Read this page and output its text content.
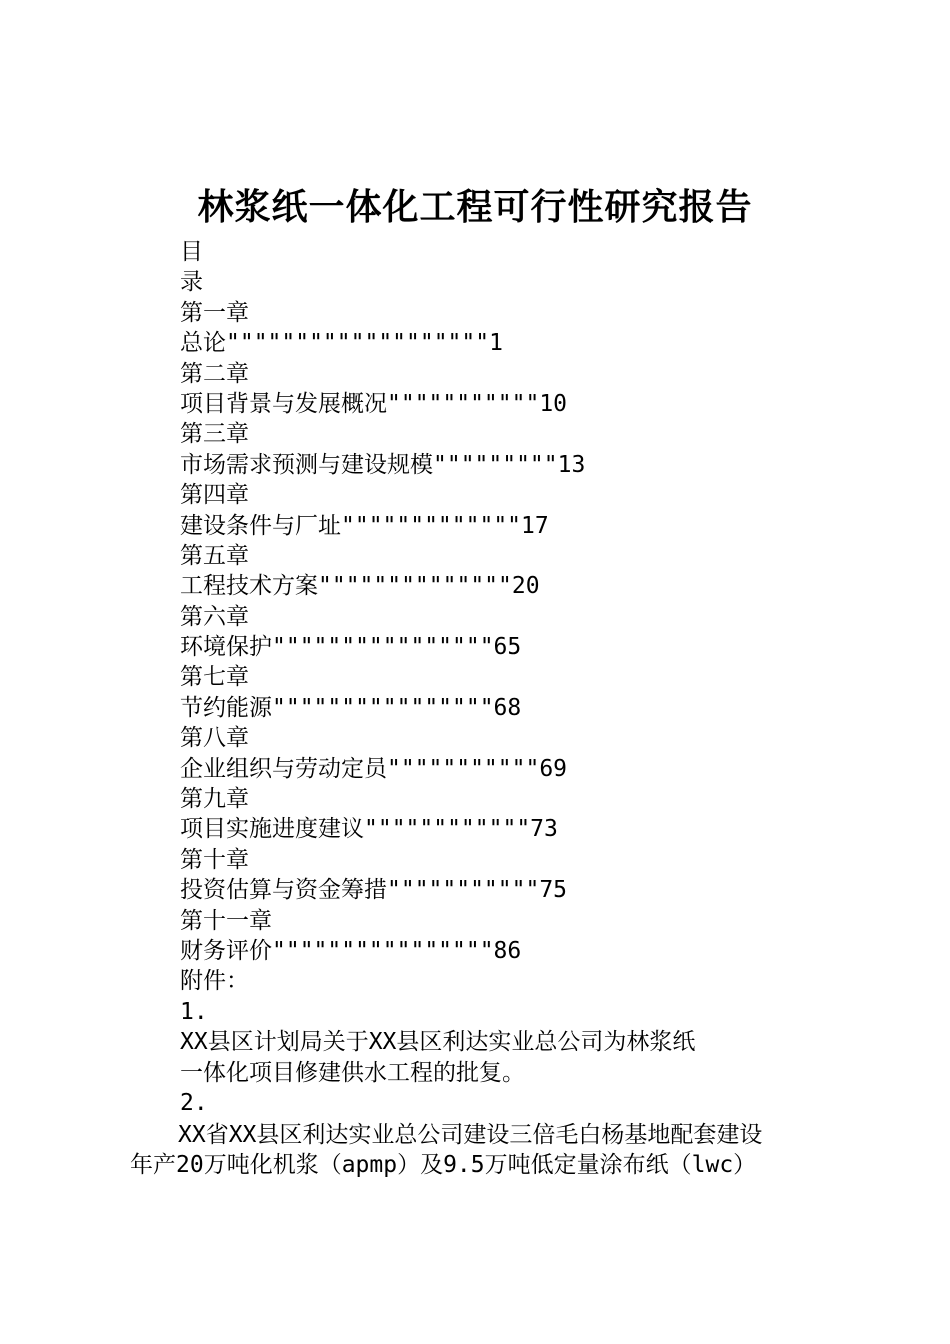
林浆纸一体化工程可行性研究报告
目
录
第一章
总论"""""""""""""""""""1
第二章
项目背景与发展概况"""""""""""10
第三章
市场需求预测与建设规模"""""""""13
第四章
建设条件与厂址"""""""""""""17
第五章
工程技术方案""""""""""""""20
第六章
环境保护""""""""""""""""65
第七章
节约能源""""""""""""""""68
第八章
企业组织与劳动定员"""""""""""69
第九章
项目实施进度建议""""""""""""73
第十章
投资估算与资金筹措"""""""""""75
第十一章
财务评价""""""""""""""""86
附件：
1.
XX县区计划局关于XX县区利达实业总公司为林浆纸
一体化项目修建供水工程的批复。
2.
XX省XX县区利达实业总公司建设三倍毛白杨基地配套建设
年产20万吨化机浆（apmp）及9.5万吨低定量涂布纸（lwc）
